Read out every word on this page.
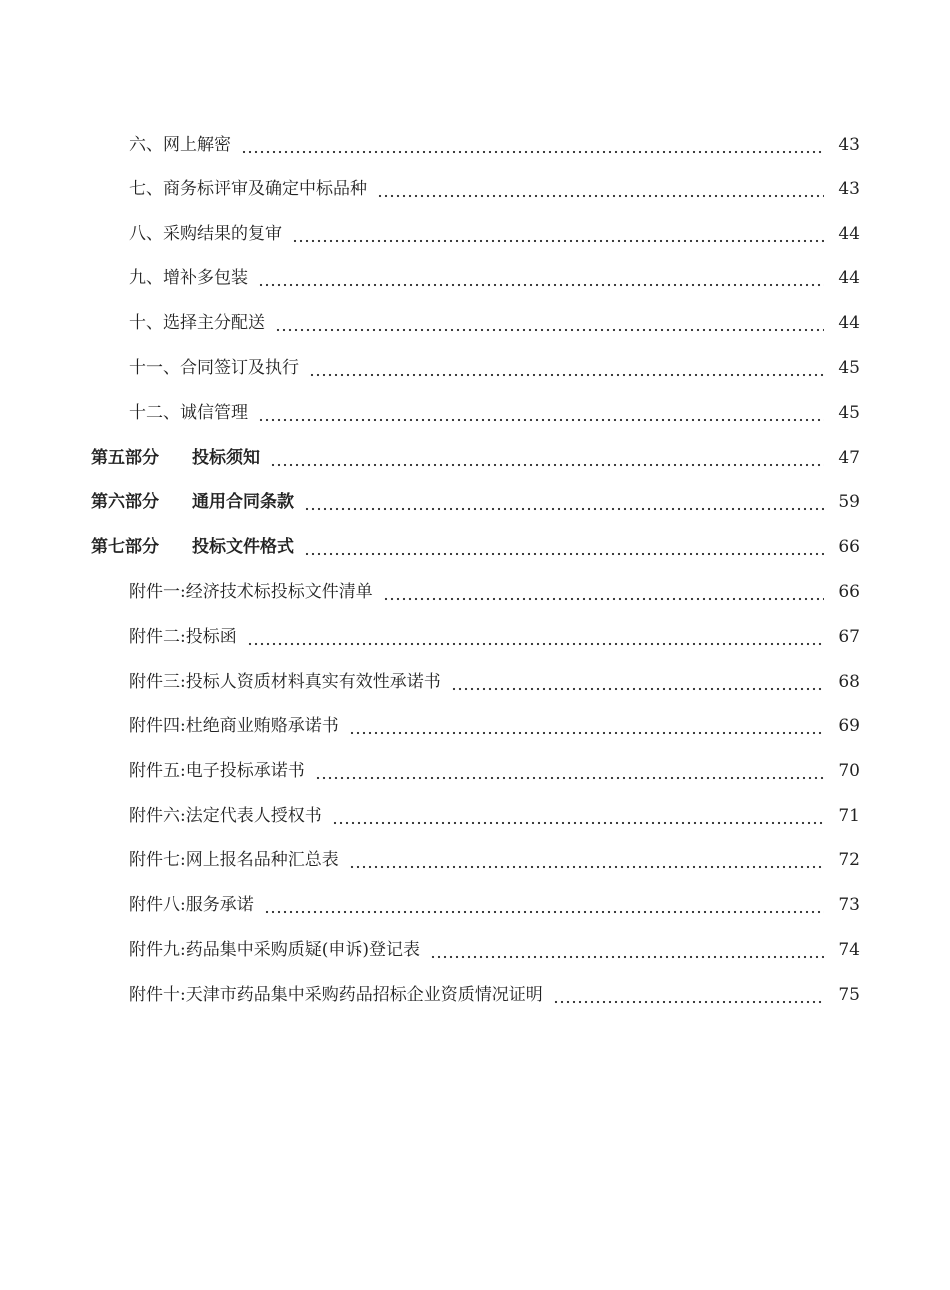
六、 网上解密	43
七、 商务标评审及确定中标品种	43
八、 采购结果的复审	44
九、 增补多包装	44
十、 选择主分配送	44
十一、 合同签订及执行	45
十二、 诚信管理	45
第五部分	投标须知	47
第六部分	通用合同条款	59
第七部分	投标文件格式	66
附件一: 经济技术标投标文件清单	66
附件二: 投标函	67
附件三: 投标人资质材料真实有效性承诺书	68
附件四: 杜绝商业贿赂承诺书	69
附件五: 电子投标承诺书	70
附件六: 法定代表人授权书	71
附件七: 网上报名品种汇总表	72
附件八: 服务承诺	73
附件九: 药品集中采购质疑(申诉)登记表	74
附件十: 天津市药品集中采购药品招标企业资质情况证明	75
